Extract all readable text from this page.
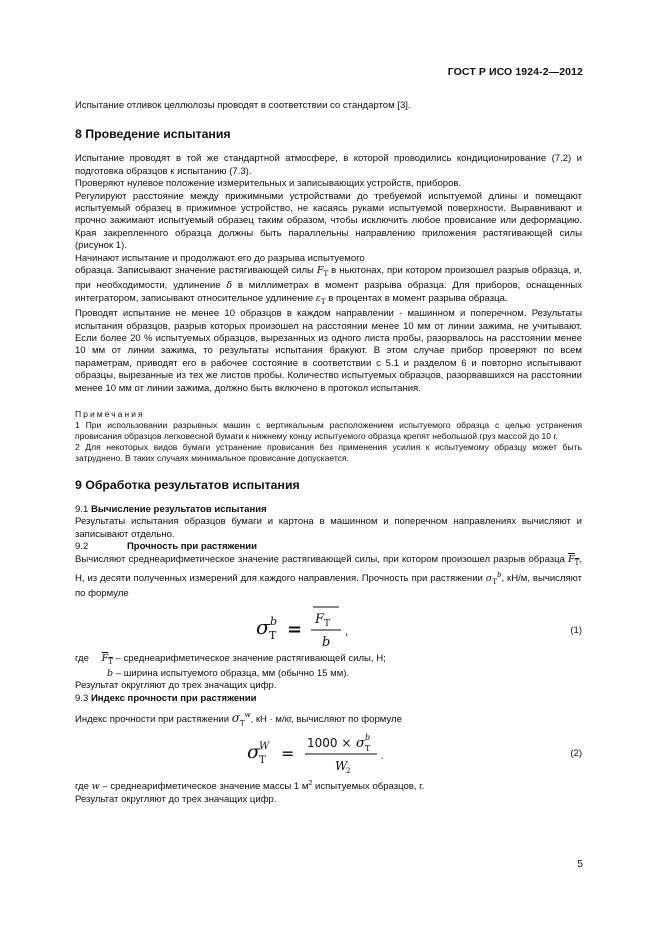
ГОСТ Р ИСО 1924-2—2012

Испытание отливок целлюлозы проводят в соответствии со стандартом [3].

8 Проведение испытания

Испытание проводят в той же стандартной атмосфере, в которой проводились кондиционирование (7.2) и подготовка образцов к испытанию (7.3).

Проверяют нулевое положение измерительных и записывающих устройств, приборов.

Регулируют расстояние между прижимными устройствами до требуемой испытуемой длины и помещают испытуемый образец в прижимное устройство, не касаясь руками испытуемой поверхности. Выравнивают и прочно зажимают испытуемый образец таким образом, чтобы исключить любое провисание или деформацию. Края закрепленного образца должны быть параллельны направлению приложения растягивающей силы (рисунок 1).

Начинают испытание и продолжают его до разрыва испытуемого

образца. Записывают значение растягивающей силы $F_Т$ в ньютонах, при котором произошел разрыв образца, и, при необходимости, удлинение δ в миллиметрах в момент разрыва образца. Для приборов, оснащенных интегратором, записывают относительное удлинение $\varepsilon_Т$ в процентах в момент разрыва образца.

Проводят испытание не менее 10 образцов в каждом направлении - машинном и поперечном. Результаты испытания образцов, разрыв которых произошел на расстоянии менее 10 мм от линии зажима, не учитывают. Если более 20 % испытуемых образцов, вырезанных из одного листа пробы, разорвалось на расстоянии менее 10 мм от линии зажима, то результаты испытания бракуют. В этом случае прибор проверяют по всем параметрам, приводят его в рабочее состояние в соответствии с 5.1 и разделом 6 и повторно испытывают образцы, вырезанные из тех же листов пробы. Количество испытуемых образцов, разорвавшихся на расстоянии менее 10 мм от линии зажима, должно быть включено в протокол испытания.

Примечания

1 При использовании разрывных машин с вертикальным расположением испытуемого образца с целью устранения провисания образцов легковесной бумаги к нижнему концу испытуемого образца крепят небольшой груз массой до 10 г.

2 Для некоторых видов бумаги устранение провисания без применения усилия к испытуемому образцу может быть затруднено. В таких случаях минимальное провисание допускается.

9 Обработка результатов испытания

9.1 Вычисление результатов испытания

Результаты испытания образцов бумаги и картона в машинном и поперечном направлениях вычисляют и записывают отдельно.

9.2	Прочность при растяжении

Вычисляют среднеарифметическое значение растягивающей силы, при котором произошел разрыв образца $F_Т$, Н, из десяти полученных измерений для каждого направления. Прочность при растяжении $\sigma_Т^b$, кН/м, вычисляют по формуле

σ Т
b = F Т
b
,	(1)

где $F_Т$ – среднеарифметическое значение растягивающей силы, Н;

b – ширина испытуемого образца, мм (обычно 15 мм).

Результат округляют до трех значащих цифр.

9.3 Индекс прочности при растяжении

Индекс прочности при растяжении $\sigma_Т^w$, кН · м/кг, вычисляют по формуле

σ Т
W =
1000 × σ Т
b
W
2
.	(2)

где w – среднеарифметическое значение массы 1 $м^2$ испытуемых образцов, г.

Результат округляют до трех значащих цифр.

5
